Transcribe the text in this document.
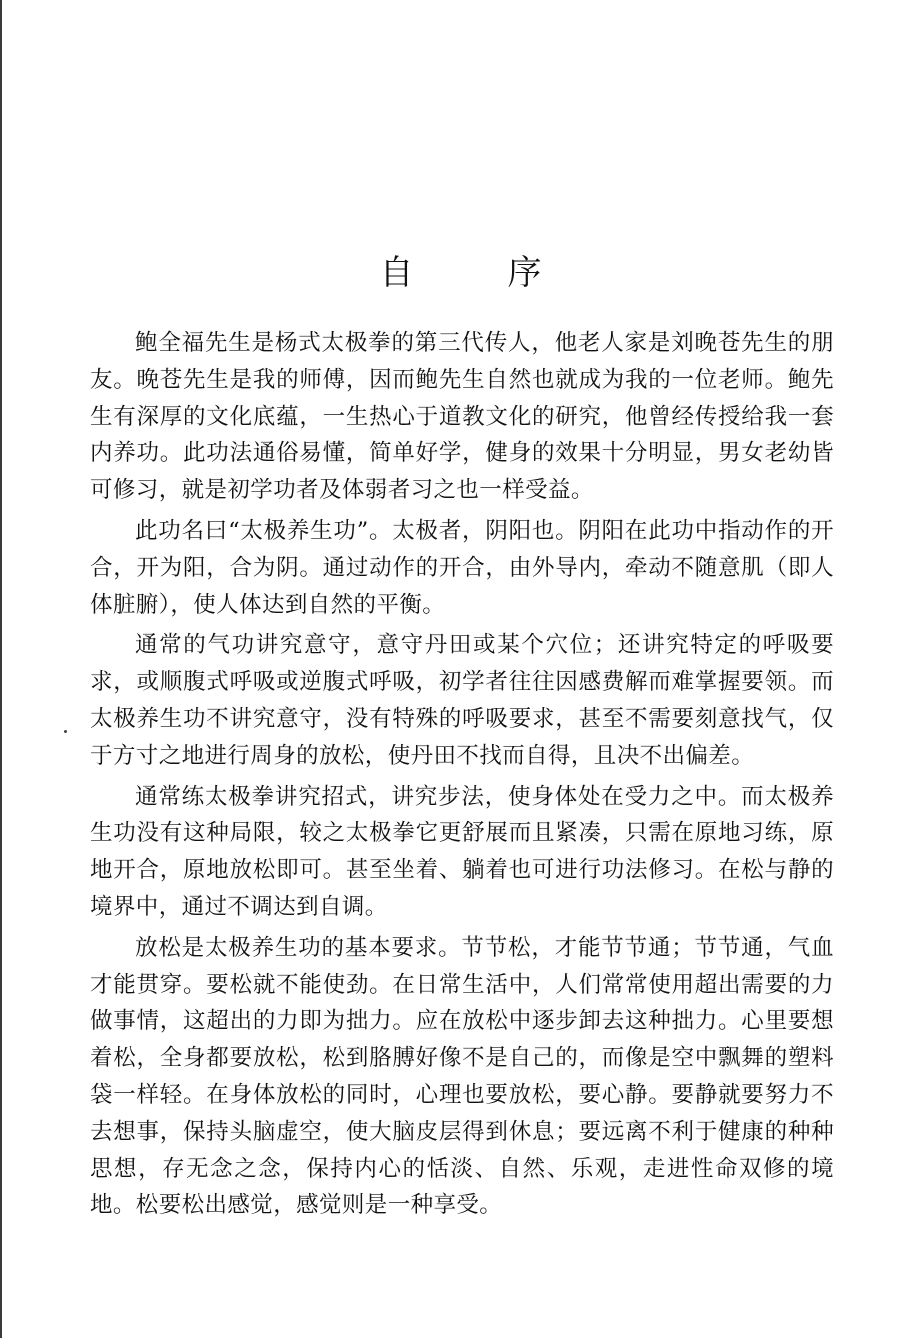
自	序

鲍全福先生是杨式太极拳的第三代传人，他老人家是刘晚苍先生的朋友。晚苍先生是我的师傅，因而鲍先生自然也就成为我的一位老师。鲍先生有深厚的文化底蕴，一生热心于道教文化的研究，他曾经传授给我一套内养功。此功法通俗易懂，简单好学，健身的效果十分明显，男女老幼皆可修习，就是初学功者及体弱者习之也一样受益。

此功名曰“太极养生功”。太极者，阴阳也。阴阳在此功中指动作的开合，开为阳，合为阴。通过动作的开合，由外导内，牵动不随意肌（即人体脏腑），使人体达到自然的平衡。

通常的气功讲究意守，意守丹田或某个穴位；还讲究特定的呼吸要求，或顺腹式呼吸或逆腹式呼吸，初学者往往因感费解而难掌握要领。而太极养生功不讲究意守，没有特殊的呼吸要求，甚至不需要刻意找气，仅于方寸之地进行周身的放松，使丹田不找而自得，且决不出偏差。

通常练太极拳讲究招式，讲究步法，使身体处在受力之中。而太极养生功没有这种局限，较之太极拳它更舒展而且紧凑，只需在原地习练，原地开合，原地放松即可。甚至坐着、躺着也可进行功法修习。在松与静的境界中，通过不调达到自调。

放松是太极养生功的基本要求。节节松，才能节节通；节节通，气血才能贯穿。要松就不能使劲。在日常生活中，人们常常使用超出需要的力做事情，这超出的力即为拙力。应在放松中逐步卸去这种拙力。心里要想着松，全身都要放松，松到胳膊好像不是自己的，而像是空中飘舞的塑料袋一样轻。在身体放松的同时，心理也要放松，要心静。要静就要努力不去想事，保持头脑虚空，使大脑皮层得到休息；要远离不利于健康的种种思想，存无念之念，保持内心的恬淡、自然、乐观，走进性命双修的境地。松要松出感觉，感觉则是一种享受。
